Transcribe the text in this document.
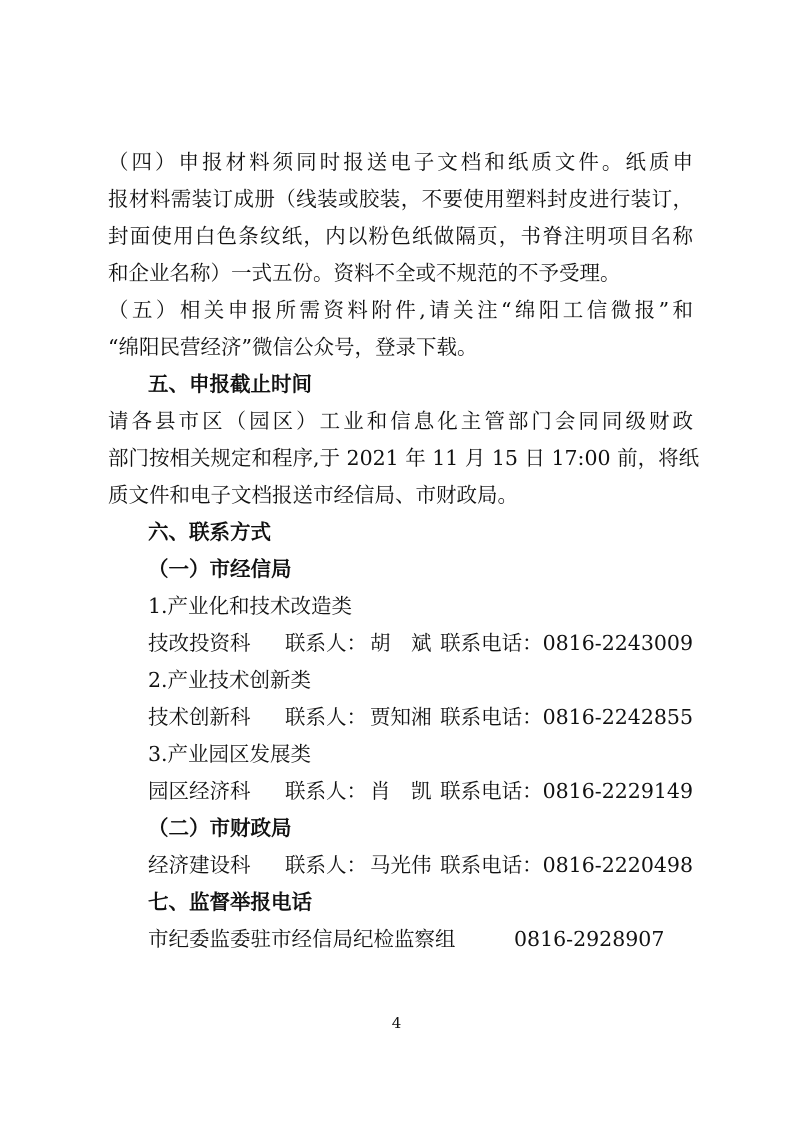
（四）申报材料须同时报送电子文档和纸质文件。纸质申
报材料需装订成册（线装或胶装，不要使用塑料封皮进行装订，
封面使用白色条纹纸，内以粉色纸做隔页，书脊注明项目名称
和企业名称）一式五份。资料不全或不规范的不予受理。
（五）相关申报所需资料附件,请关注“绵阳工信微报”和
“绵阳民营经济”微信公众号，登录下载。
五、申报截止时间
请各县市区（园区）工业和信息化主管部门会同同级财政
部门按相关规定和程序,于 2021 年 11 月 15 日 17:00 前，将纸
质文件和电子文档报送市经信局、市财政局。
六、联系方式
（一）市经信局
1.产业化和技术改造类
技改投资科 联系人： 胡　斌 联系电话：0816-2243009
2.产业技术创新类
技术创新科 联系人： 贾知湘 联系电话：0816-2242855
3.产业园区发展类
园区经济科 联系人： 肖　凯 联系电话：0816-2229149
（二）市财政局
经济建设科 联系人： 马光伟 联系电话：0816-2220498
七、监督举报电话
市纪委监委驻市经信局纪检监察组	0816-2928907
4
